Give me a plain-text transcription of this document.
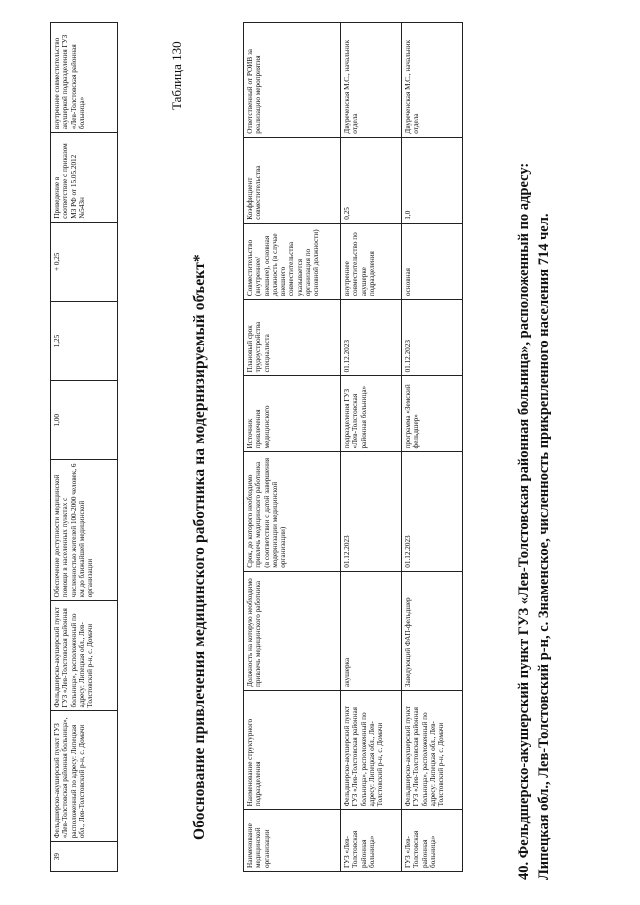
39	Фельдшерско-акушерский пункт ГУЗ «Лев-Толстовская районная больница», расположенный по адресу: Липецкая обл., Лев-Толстовский р-н, с. Домачи	Фельдшерско-акушерский пункт ГУЗ «Лев-Толстовская районная больница», расположенный по адресу: Липецкая обл., Лев-Толстовский р-н, с. Домачи	Обеспечение доступности медицинской помощи в населенных пунктах с численностью жителей 100-2000 человек, 6 км до ближайшей медицинской организации	1,00	1,25	+ 0,25	Приведение в соответствие с приказом МЗ РФ от 15.05.2012 №543н	внутреннее совместительство акушеркой подразделения ГУЗ «Лев-Толстовская районная больница»
Таблица 130
Обоснование привлечения медицинского работника на модернизируемый объект*
Наименование медицинской организации	Наименование структурного подразделения	Должность на которую необходимо привлечь медицинского работника	Срок, до которого необходимо привлечь медицинского работника (в соответствии с датой завершения модернизации медицинской организации)	Источник привлечения медицинского	Плановый срок трудоустройства специалиста	Совместительство (внутреннее/внешнее), основная должность (в случае внешнего совместительства указывается организация по основной должности)	Коэффициент совместительства	Ответственный от РОИВ за реализацию мероприятия
ГУЗ «Лев-Толстовская районная больница»	Фельдшерско-акушерский пункт ГУЗ «Лев-Толстовская районная больница», расположенный по адресу: Липецкая обл., Лев-Толстовский р-н, с. Домачи	акушерка	01.12.2023	подразделения ГУЗ «Лев-Толстовская районная больница»	01.12.2023	внутреннее совместительство по акушерке подразделения	0,25	Двуреченская М.С., начальник отдела
ГУЗ «Лев-Толстовская районная больница»	Фельдшерско-акушерский пункт ГУЗ «Лев-Толстовская районная больница», расположенный по адресу: Липецкая обл., Лев-Толстовский р-н, с. Домачи	Заведующий ФАП-фельдшер	01.12.2023	программа «Земский фельдшер»	01.12.2023	основная	1,0	Двуреченская М.С., начальник отдела
40. Фельдшерско-акушерский пункт ГУЗ «Лев-Толстовская районная больница», расположенный по адресу: Липецкая обл., Лев-Толстовский р-н, с. Знаменское, численность прикрепленного населения 714 чел.
